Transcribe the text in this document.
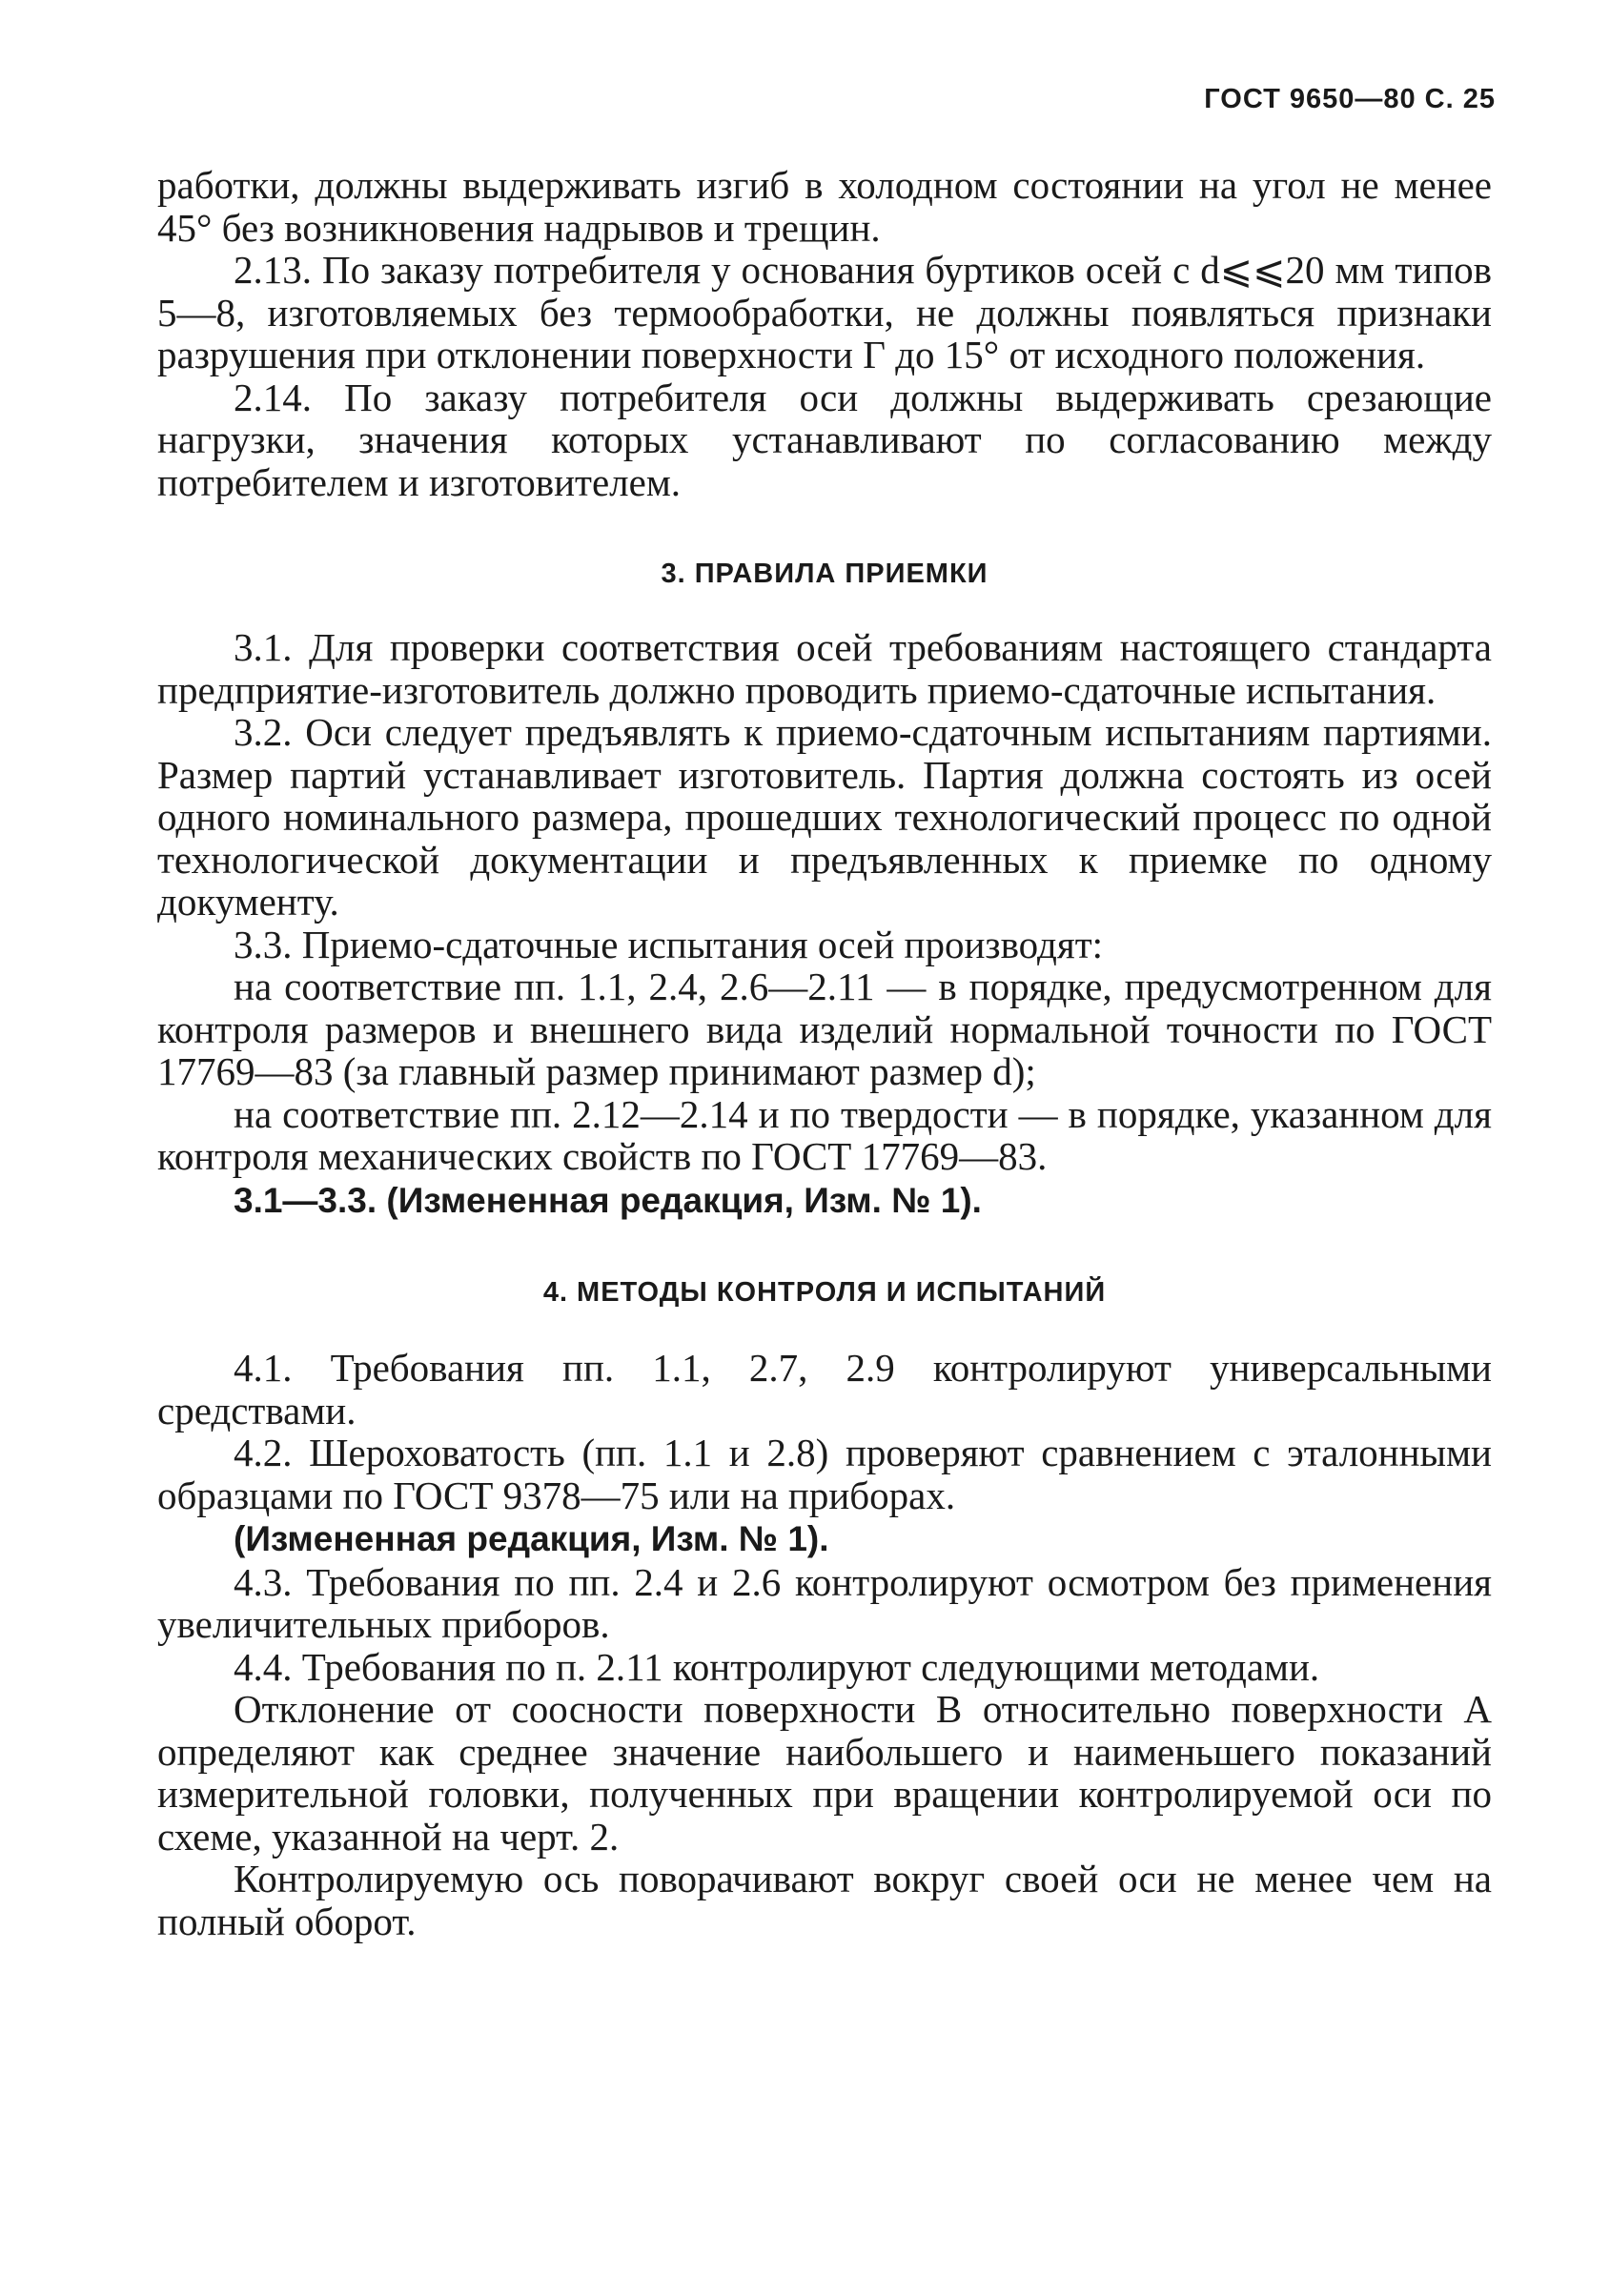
ГОСТ 9650—80 С. 25

работки, должны выдерживать изгиб в холодном состоянии на угол не менее 45° без возникновения надрывов и трещин.

2.13. По заказу потребителя у основания буртиков осей с d⩽⩽20 мм типов 5—8, изготовляемых без термообработки, не должны появляться признаки разрушения при отклонении поверхности Г до 15° от исходного положения.

2.14. По заказу потребителя оси должны выдерживать срезающие нагрузки, значения которых устанавливают по согласованию между потребителем и изготовителем.

3. ПРАВИЛА ПРИЕМКИ

3.1. Для проверки соответствия осей требованиям настоящего стандарта предприятие-изготовитель должно проводить приемо-сдаточные испытания.

3.2. Оси следует предъявлять к приемо-сдаточным испытаниям партиями. Размер партий устанавливает изготовитель. Партия должна состоять из осей одного номинального размера, прошедших технологический процесс по одной технологической документации и предъявленных к приемке по одному документу.

3.3. Приемо-сдаточные испытания осей производят:

на соответствие пп. 1.1, 2.4, 2.6—2.11 — в порядке, предусмотренном для контроля размеров и внешнего вида изделий нормальной точности по ГОСТ 17769—83 (за главный размер принимают размер d);

на соответствие пп. 2.12—2.14 и по твердости — в порядке, указанном для контроля механических свойств по ГОСТ 17769—83.

3.1—3.3. (Измененная редакция, Изм. № 1).

4. МЕТОДЫ КОНТРОЛЯ И ИСПЫТАНИЙ

4.1. Требования пп. 1.1, 2.7, 2.9 контролируют универсальными средствами.

4.2. Шероховатость (пп. 1.1 и 2.8) проверяют сравнением с эталонными образцами по ГОСТ 9378—75 или на приборах.

(Измененная редакция, Изм. № 1).

4.3. Требования по пп. 2.4 и 2.6 контролируют осмотром без применения увеличительных приборов.

4.4. Требования по п. 2.11 контролируют следующими методами.

Отклонение от соосности поверхности В относительно поверхности А определяют как среднее значение наибольшего и наименьшего показаний измерительной головки, полученных при вращении контролируемой оси по схеме, указанной на черт. 2.

Контролируемую ось поворачивают вокруг своей оси не менее чем на полный оборот.
